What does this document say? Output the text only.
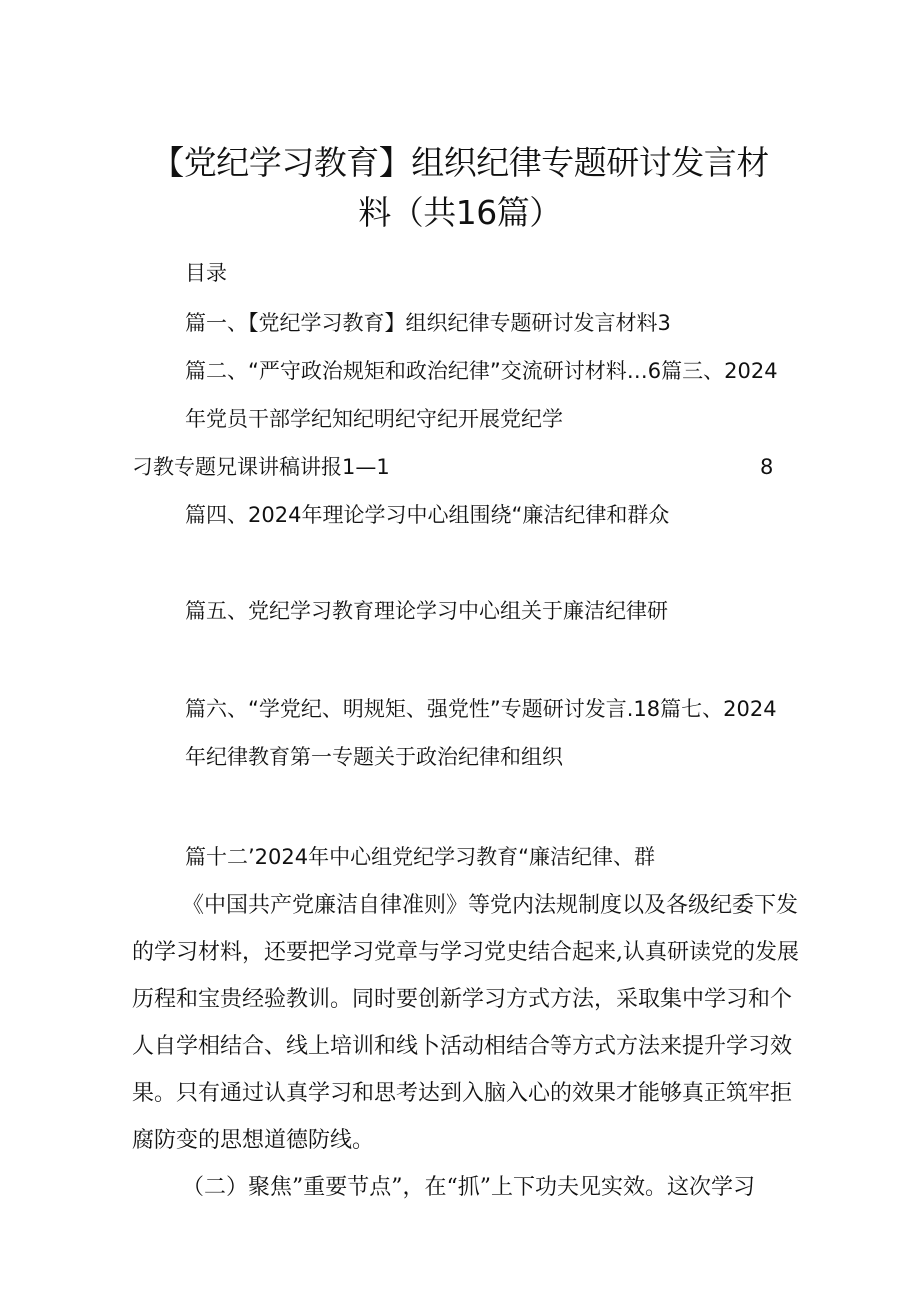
【党纪学习教育】组织纪律专题研讨发言材
料（共16篇）
目录
篇一、【党纪学习教育】组织纪律专题研讨发言材料3
篇二、“严守政治规矩和政治纪律”交流研讨材料…6篇三、2024
年党员干部学纪知纪明纪守纪开展党纪学
刁教专题兄课讲稿讲报1—1	8
篇四、2024年理论学习中心组围绕“廉洁纪律和群众
篇五、党纪学习教育理论学习中心组关于廉洁纪律研
篇六、“学党纪、明规矩、强党性”专题研讨发言.18篇七、2024
年纪律教育第一专题关于政治纪律和组织
篇十二’2024年中心组党纪学习教育“廉洁纪律、群
《中国共产党廉洁自律准则》等党内法规制度以及各级纪委下发
的学习材料，还要把学习党章与学习党史结合起来,认真研读党的发展
历程和宝贵经验教训。同时要创新学习方式方法，采取集中学习和个
人自学相结合、线上培训和线卜活动相结合等方式方法来提升学习效
果。只有通过认真学习和思考达到入脑入心的效果才能够真正筑牢拒
腐防变的思想道德防线。
（二）聚焦”重要节点”，在“抓”上下功夫见实效。这次学习
